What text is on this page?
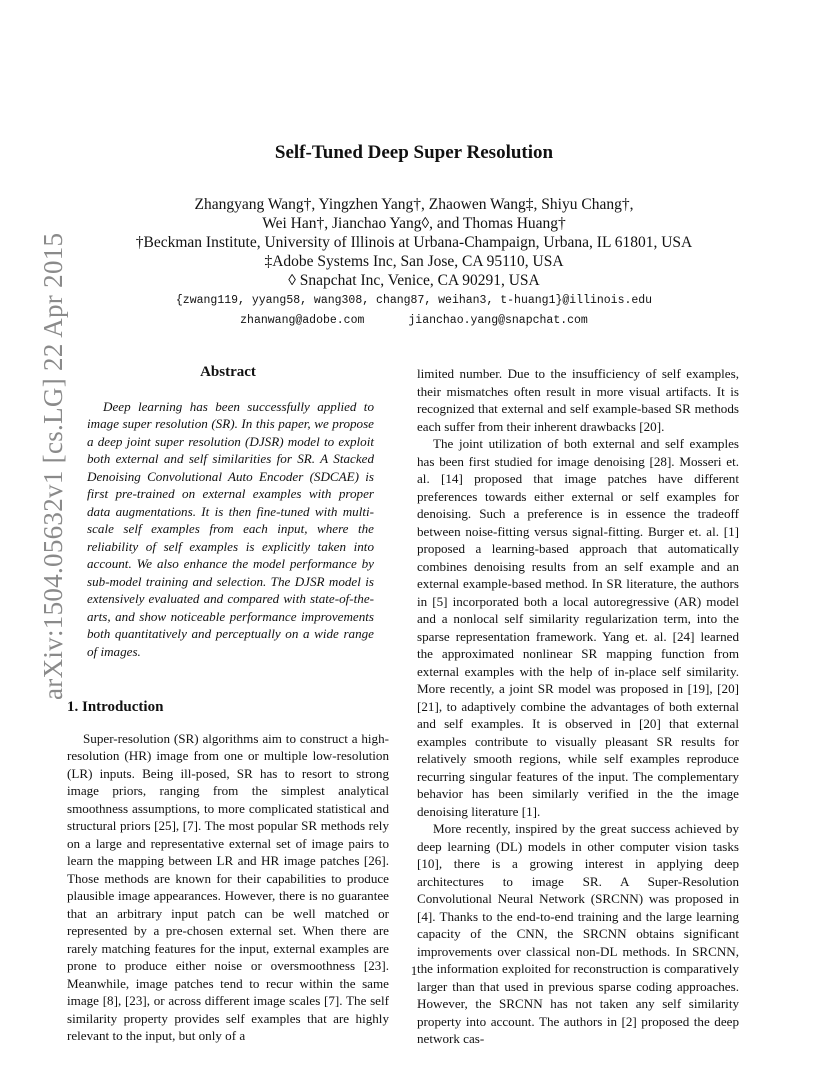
arXiv:1504.05632v1 [cs.LG] 22 Apr 2015
Self-Tuned Deep Super Resolution
Zhangyang Wang†, Yingzhen Yang†, Zhaowen Wang‡, Shiyu Chang†,
Wei Han†, Jianchao Yang◊, and Thomas Huang†
†Beckman Institute, University of Illinois at Urbana-Champaign, Urbana, IL 61801, USA
‡Adobe Systems Inc, San Jose, CA 95110, USA
◊ Snapchat Inc, Venice, CA 90291, USA
{zwang119, yyang58, wang308, chang87, weihan3, t-huang1}@illinois.edu
zhanwang@adobe.com	jianchao.yang@snapchat.com
Abstract

Deep learning has been successfully applied to image super resolution (SR). In this paper, we propose a deep joint super resolution (DJSR) model to exploit both external and self similarities for SR. A Stacked Denoising Convolutional Auto Encoder (SDCAE) is first pre-trained on external examples with proper data augmentations. It is then fine-tuned with multi-scale self examples from each input, where the reliability of self examples is explicitly taken into account. We also enhance the model performance by sub-model training and selection. The DJSR model is extensively evaluated and compared with state-of-the-arts, and show noticeable performance improvements both quantitatively and perceptually on a wide range of images.

1. Introduction

Super-resolution (SR) algorithms aim to construct a high-resolution (HR) image from one or multiple low-resolution (LR) inputs. Being ill-posed, SR has to resort to strong image priors, ranging from the simplest analytical smoothness assumptions, to more complicated statistical and structural priors [25], [7]. The most popular SR methods rely on a large and representative external set of image pairs to learn the mapping between LR and HR image patches [26]. Those methods are known for their capabilities to produce plausible image appearances. However, there is no guarantee that an arbitrary input patch can be well matched or represented by a pre-chosen external set. When there are rarely matching features for the input, external examples are prone to produce either noise or oversmoothness [23]. Meanwhile, image patches tend to recur within the same image [8], [23], or across different image scales [7]. The self similarity property provides self examples that are highly relevant to the input, but only of a

limited number. Due to the insufficiency of self examples, their mismatches often result in more visual artifacts. It is recognized that external and self example-based SR methods each suffer from their inherent drawbacks [20].

The joint utilization of both external and self examples has been first studied for image denoising [28]. Mosseri et. al. [14] proposed that image patches have different preferences towards either external or self examples for denoising. Such a preference is in essence the tradeoff between noise-fitting versus signal-fitting. Burger et. al. [1] proposed a learning-based approach that automatically combines denoising results from an self example and an external example-based method. In SR literature, the authors in [5] incorporated both a local autoregressive (AR) model and a nonlocal self similarity regularization term, into the sparse representation framework. Yang et. al. [24] learned the approximated nonlinear SR mapping function from external examples with the help of in-place self similarity. More recently, a joint SR model was proposed in [19], [20] [21], to adaptively combine the advantages of both external and self examples. It is observed in [20] that external examples contribute to visually pleasant SR results for relatively smooth regions, while self examples reproduce recurring singular features of the input. The complementary behavior has been similarly verified in the the image denoising literature [1].

More recently, inspired by the great success achieved by deep learning (DL) models in other computer vision tasks [10], there is a growing interest in applying deep architectures to image SR. A Super-Resolution Convolutional Neural Network (SRCNN) was proposed in [4]. Thanks to the end-to-end training and the large learning capacity of the CNN, the SRCNN obtains significant improvements over classical non-DL methods. In SRCNN, the information exploited for reconstruction is comparatively larger than that used in previous sparse coding approaches. However, the SRCNN has not taken any self similarity property into account. The authors in [2] proposed the deep network cas-

1
